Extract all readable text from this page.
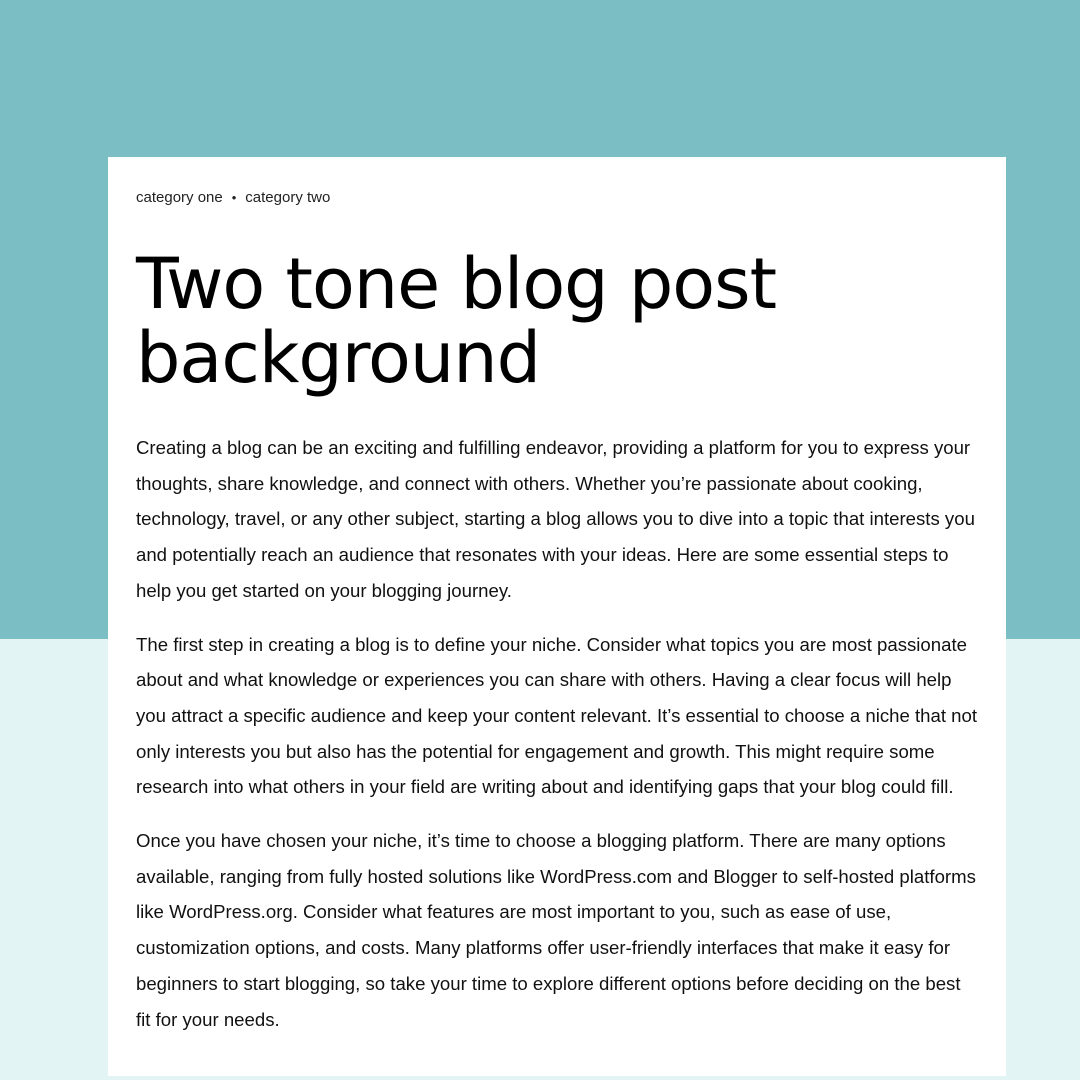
category one • category two
Two tone blog post background

Creating a blog can be an exciting and fulfilling endeavor, providing a platform for you to express your thoughts, share knowledge, and connect with others. Whether you’re passionate about cooking, technology, travel, or any other subject, starting a blog allows you to dive into a topic that interests you and potentially reach an audience that resonates with your ideas. Here are some essential steps to help you get started on your blogging journey.

The first step in creating a blog is to define your niche. Consider what topics you are most passionate about and what knowledge or experiences you can share with others. Having a clear focus will help you attract a specific audience and keep your content relevant. It’s essential to choose a niche that not only interests you but also has the potential for engagement and growth. This might require some research into what others in your field are writing about and identifying gaps that your blog could fill.

Once you have chosen your niche, it’s time to choose a blogging platform. There are many options available, ranging from fully hosted solutions like WordPress.com and Blogger to self-hosted platforms like WordPress.org. Consider what features are most important to you, such as ease of use, customization options, and costs. Many platforms offer user-friendly interfaces that make it easy for beginners to start blogging, so take your time to explore different options before deciding on the best fit for your needs.
